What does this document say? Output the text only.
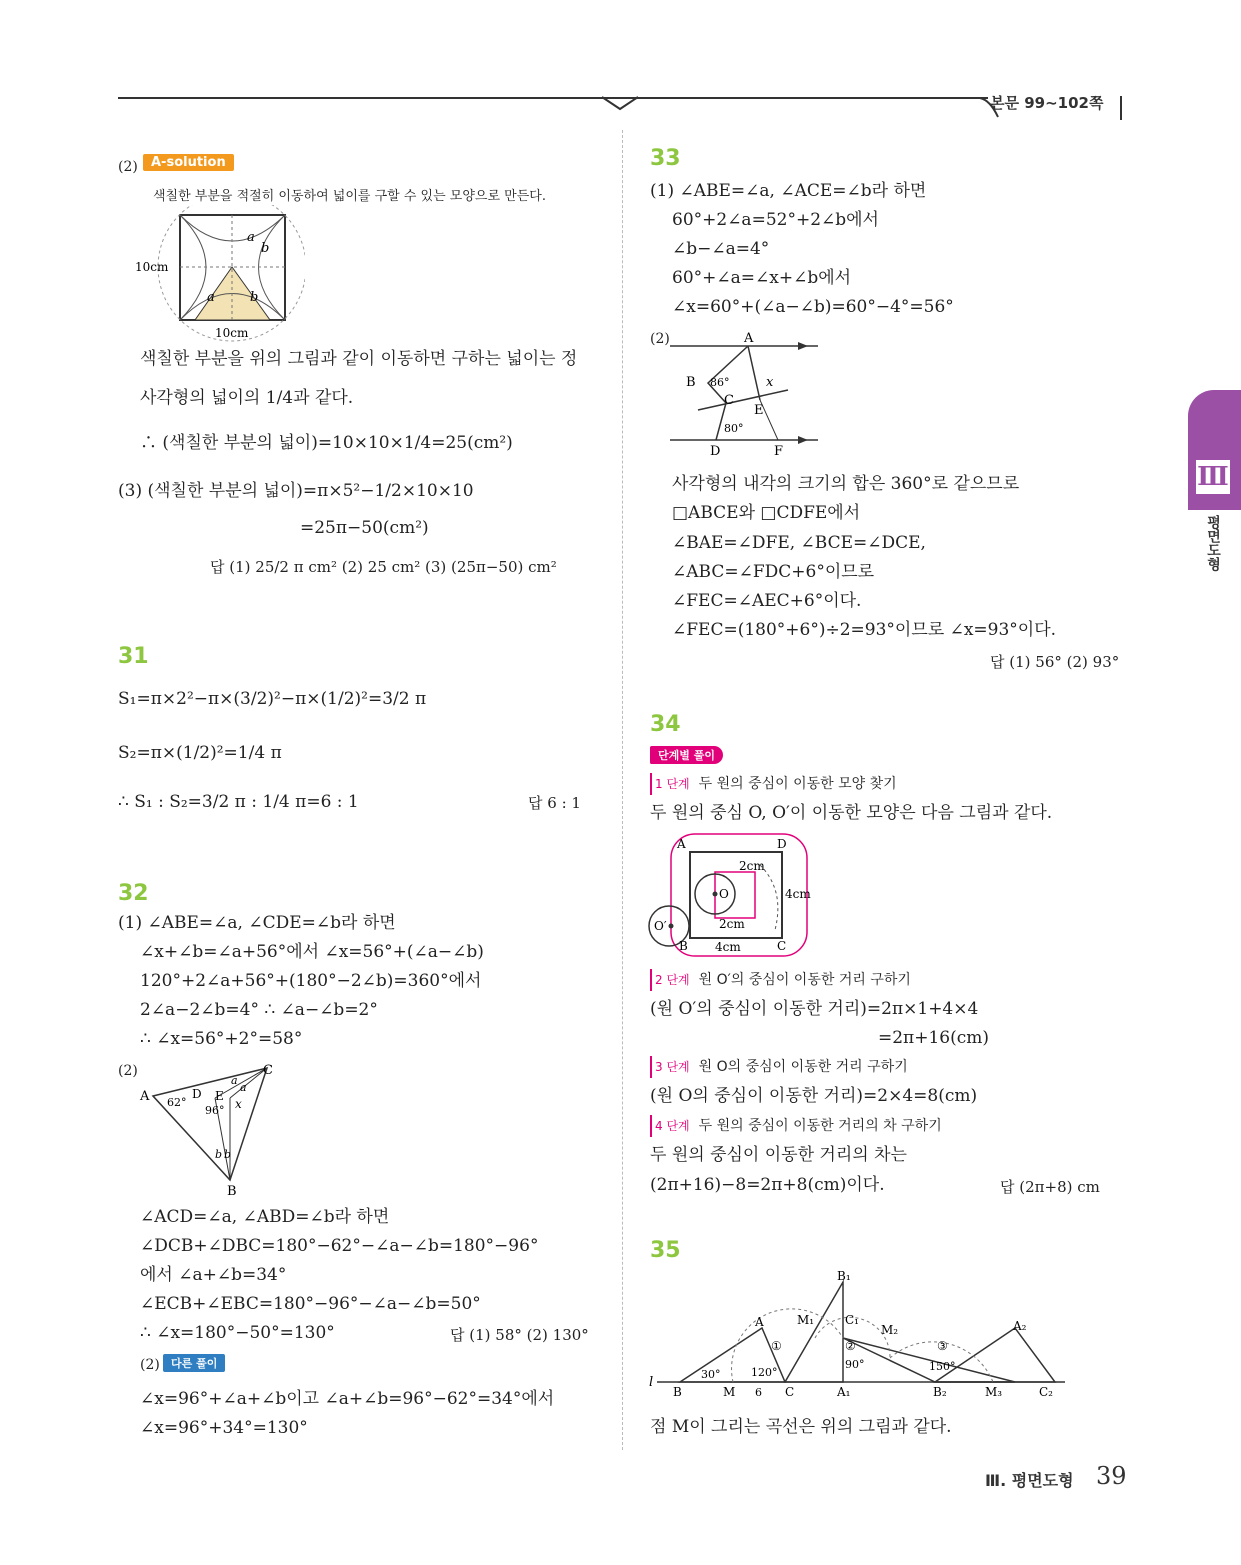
본문 99∼102쪽
Ⅲ
평면도형
(2)	A-solution
색칠한 부분을 적절히 이동하여 넓이를 구할 수 있는 모양으로 만든다.
10cm
10cm
a
b
a	b
색칠한 부분을 위의 그림과 같이 이동하면 구하는 넓이는 정
사각형의 넓이의 1/4과 같다.
∴ (색칠한 부분의 넓이)=10×10×1/4=25(cm²)
(3) (색칠한 부분의 넓이)=π×5²−1/2×10×10
=25π−50(cm²)
답 (1) 25/2 π cm² (2) 25 cm² (3) (25π−50) cm²
31
S₁=π×2²−π×(3/2)²−π×(1/2)²=3/2 π
S₂=π×(1/2)²=1/4 π
∴ S₁ : S₂=3/2 π : 1/4 π=6 : 1	답 6 : 1
32
(1) ∠ABE=∠a, ∠CDE=∠b라 하면
∠x+∠b=∠a+56°에서 ∠x=56°+(∠a−∠b)
120°+2∠a+56°+(180°−2∠b)=360°에서
2∠a−2∠b=4° ∴ ∠a−∠b=2°
∴ ∠x=56°+2°=58°
(2)
A
B
C
D E
62°
96° x
a
a
b b
∠ACD=∠a, ∠ABD=∠b라 하면
∠DCB+∠DBC=180°−62°−∠a−∠b=180°−96°
에서 ∠a+∠b=34°
∠ECB+∠EBC=180°−96°−∠a−∠b=50°
∴ ∠x=180°−50°=130°	답 (1) 58° (2) 130°
(2)	다른 풀이
∠x=96°+∠a+∠b이고 ∠a+∠b=96°−62°=34°에서
∠x=96°+34°=130°
33
(1) ∠ABE=∠a, ∠ACE=∠b라 하면
60°+2∠a=52°+2∠b에서
∠b−∠a=4°
60°+∠a=∠x+∠b에서
∠x=60°+(∠a−∠b)=60°−4°=56°
(2)	A
B
C
E
D	F
86°
80°
x
사각형의 내각의 크기의 합은 360°로 같으므로
□ABCE와 □CDFE에서
∠BAE=∠DFE, ∠BCE=∠DCE,
∠ABC=∠FDC+6°이므로
∠FEC=∠AEC+6°이다.
∠FEC=(180°+6°)÷2=93°이므로 ∠x=93°이다.
답 (1) 56° (2) 93°
34
단계별 풀이
1 단계 두 원의 중심이 이동한 모양 찾기
두 원의 중심 O, O′이 이동한 모양은 다음 그림과 같다.
A	D
B	C
O
O′
2cm
2cm
4cm
4cm
2 단계 원 O′의 중심이 이동한 거리 구하기
(원 O′의 중심이 이동한 거리)=2π×1+4×4
=2π+16(cm)
3 단계 원 O의 중심이 이동한 거리 구하기
(원 O의 중심이 이동한 거리)=2×4=8(cm)
4 단계 두 원의 중심이 이동한 거리의 차 구하기
두 원의 중심이 이동한 거리의 차는
(2π+16)−8=2π+8(cm)이다.	답 (2π+8) cm
35
l
B	M	C
A	M₁
B₁
C₁
A₁
M₂
B₂	M₃	C₂
A₂
30°	120°
90°	150°
6
①	②	③
점 M이 그리는 곡선은 위의 그림과 같다.
Ⅲ. 평면도형 39
